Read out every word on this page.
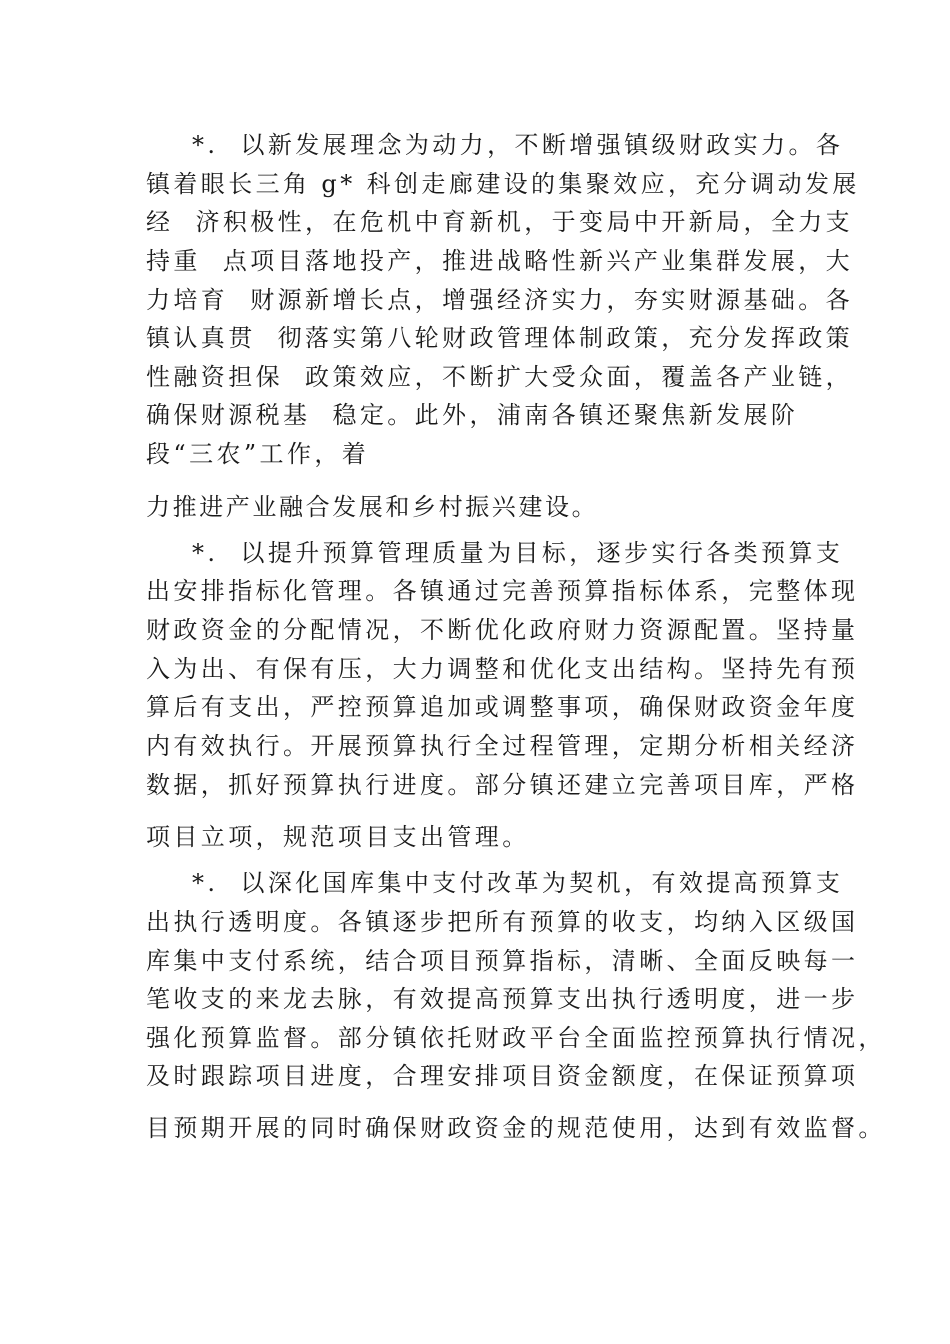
*.  以新发展理念为动力，不断增强镇级财政实力。各
镇着眼长三角 g* 科创走廊建设的集聚效应，充分调动发展
经  济积极性，在危机中育新机，于变局中开新局，全力支
持重  点项目落地投产，推进战略性新兴产业集群发展，大
力培育  财源新增长点，增强经济实力，夯实财源基础。各
镇认真贯  彻落实第八轮财政管理体制政策，充分发挥政策
性融资担保  政策效应，不断扩大受众面，覆盖各产业链，
确保财源税基  稳定。此外，浦南各镇还聚焦新发展阶
段“三农”工作，着
力推进产业融合发展和乡村振兴建设。
*.  以提升预算管理质量为目标，逐步实行各类预算支
出安排指标化管理。各镇通过完善预算指标体系，完整体现
财政资金的分配情况，不断优化政府财力资源配置。坚持量
入为出、有保有压，大力调整和优化支出结构。坚持先有预
算后有支出，严控预算追加或调整事项，确保财政资金年度
内有效执行。开展预算执行全过程管理，定期分析相关经济
数据，抓好预算执行进度。部分镇还建立完善项目库，严格
项目立项，规范项目支出管理。
*.  以深化国库集中支付改革为契机，有效提高预算支
出执行透明度。各镇逐步把所有预算的收支，均纳入区级国
库集中支付系统，结合项目预算指标，清晰、全面反映每一
笔收支的来龙去脉，有效提高预算支出执行透明度，进一步
强化预算监督。部分镇依托财政平台全面监控预算执行情况，
及时跟踪项目进度，合理安排项目资金额度，在保证预算项
目预期开展的同时确保财政资金的规范使用，达到有效监督。
